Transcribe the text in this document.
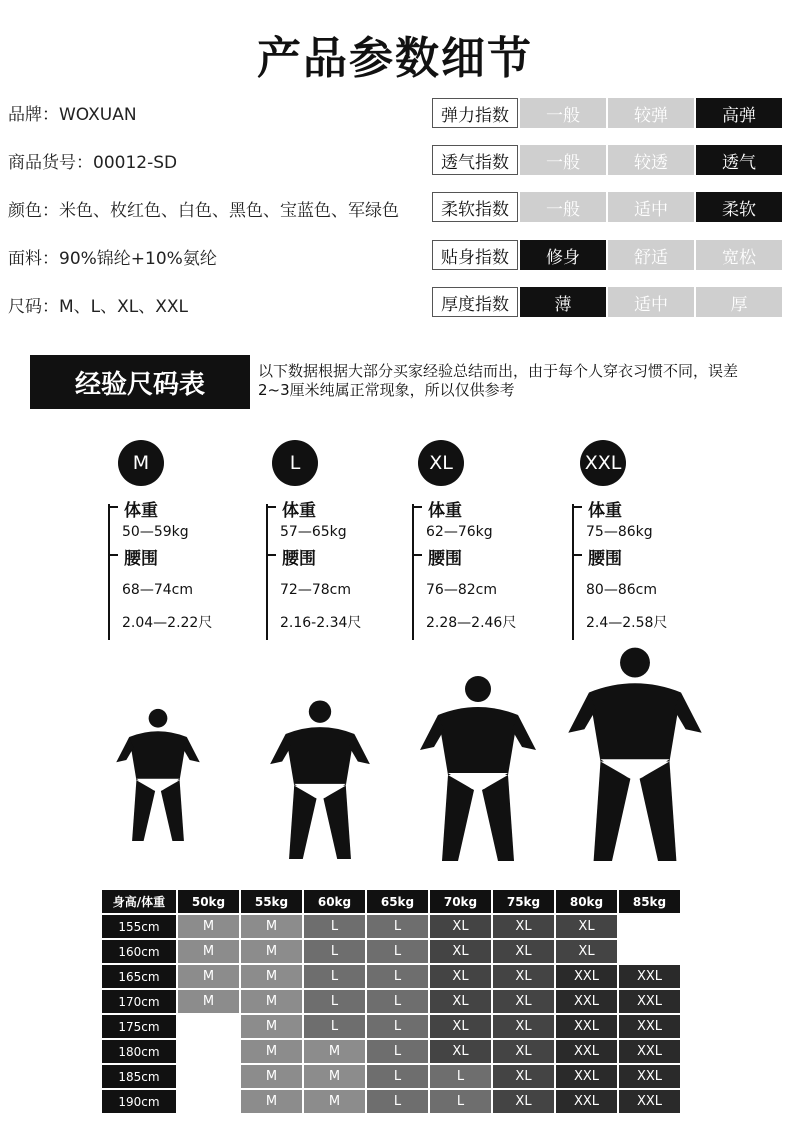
产品参数细节
品牌：WOXUAN
商品货号：00012-SD
颜色：米色、枚红色、白色、黑色、宝蓝色、军绿色
面料：90%锦纶+10%氨纶
尺码：M、L、XL、XXL
弹力指数	一般	较弹	高弹
透气指数	一般	较透	透气
柔软指数	一般	适中	柔软
贴身指数	修身	舒适	宽松
厚度指数	薄	适中	厚
经验尺码表	以下数据根据大部分买家经验总结而出，由于每个人穿衣习惯不同，误差2~3厘米纯属正常现象，所以仅供参考
M
体重
50—59kg
腰围
68—74cm
2.04—2.22尺
L
体重
57—65kg
腰围
72—78cm
2.16-2.34尺
XL
体重
62—76kg
腰围
76—82cm
2.28—2.46尺
XXL
体重
75—86kg
腰围
80—86cm
2.4—2.58尺
身高/体重	50kg	55kg	60kg	65kg	70kg	75kg	80kg	85kg
155cm	M	M	L	L	XL	XL	XL	
160cm	M	M	L	L	XL	XL	XL	
165cm	M	M	L	L	XL	XL	XXL	XXL
170cm	M	M	L	L	XL	XL	XXL	XXL
175cm		M	L	L	XL	XL	XXL	XXL
180cm		M	M	L	XL	XL	XXL	XXL
185cm		M	M	L	L	XL	XXL	XXL
190cm		M	M	L	L	XL	XXL	XXL
